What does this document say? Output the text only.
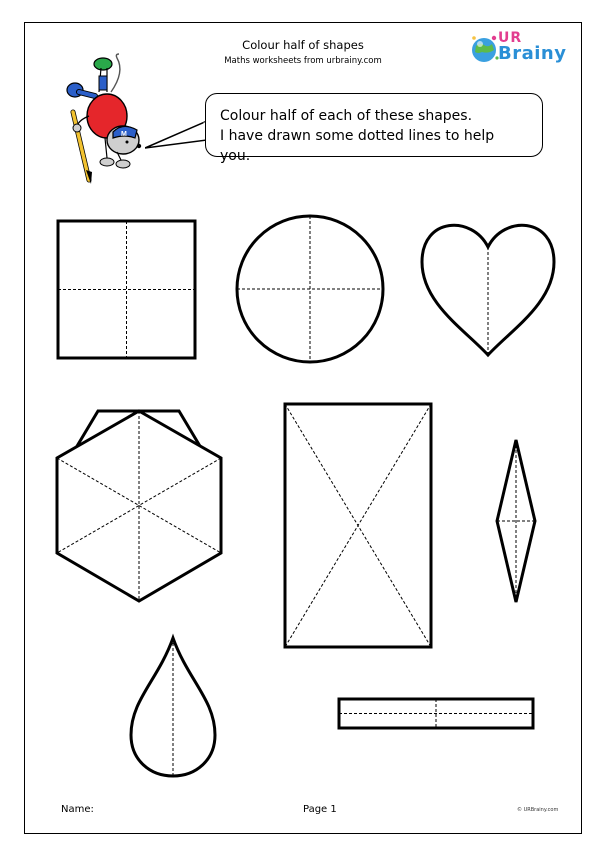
Colour half of shapes
Maths worksheets from urbrainy.com
UR
Brainy
M
Colour half of each of these shapes.
I have drawn some dotted lines to help you.
Name:	Page 1	© URBrainy.com
